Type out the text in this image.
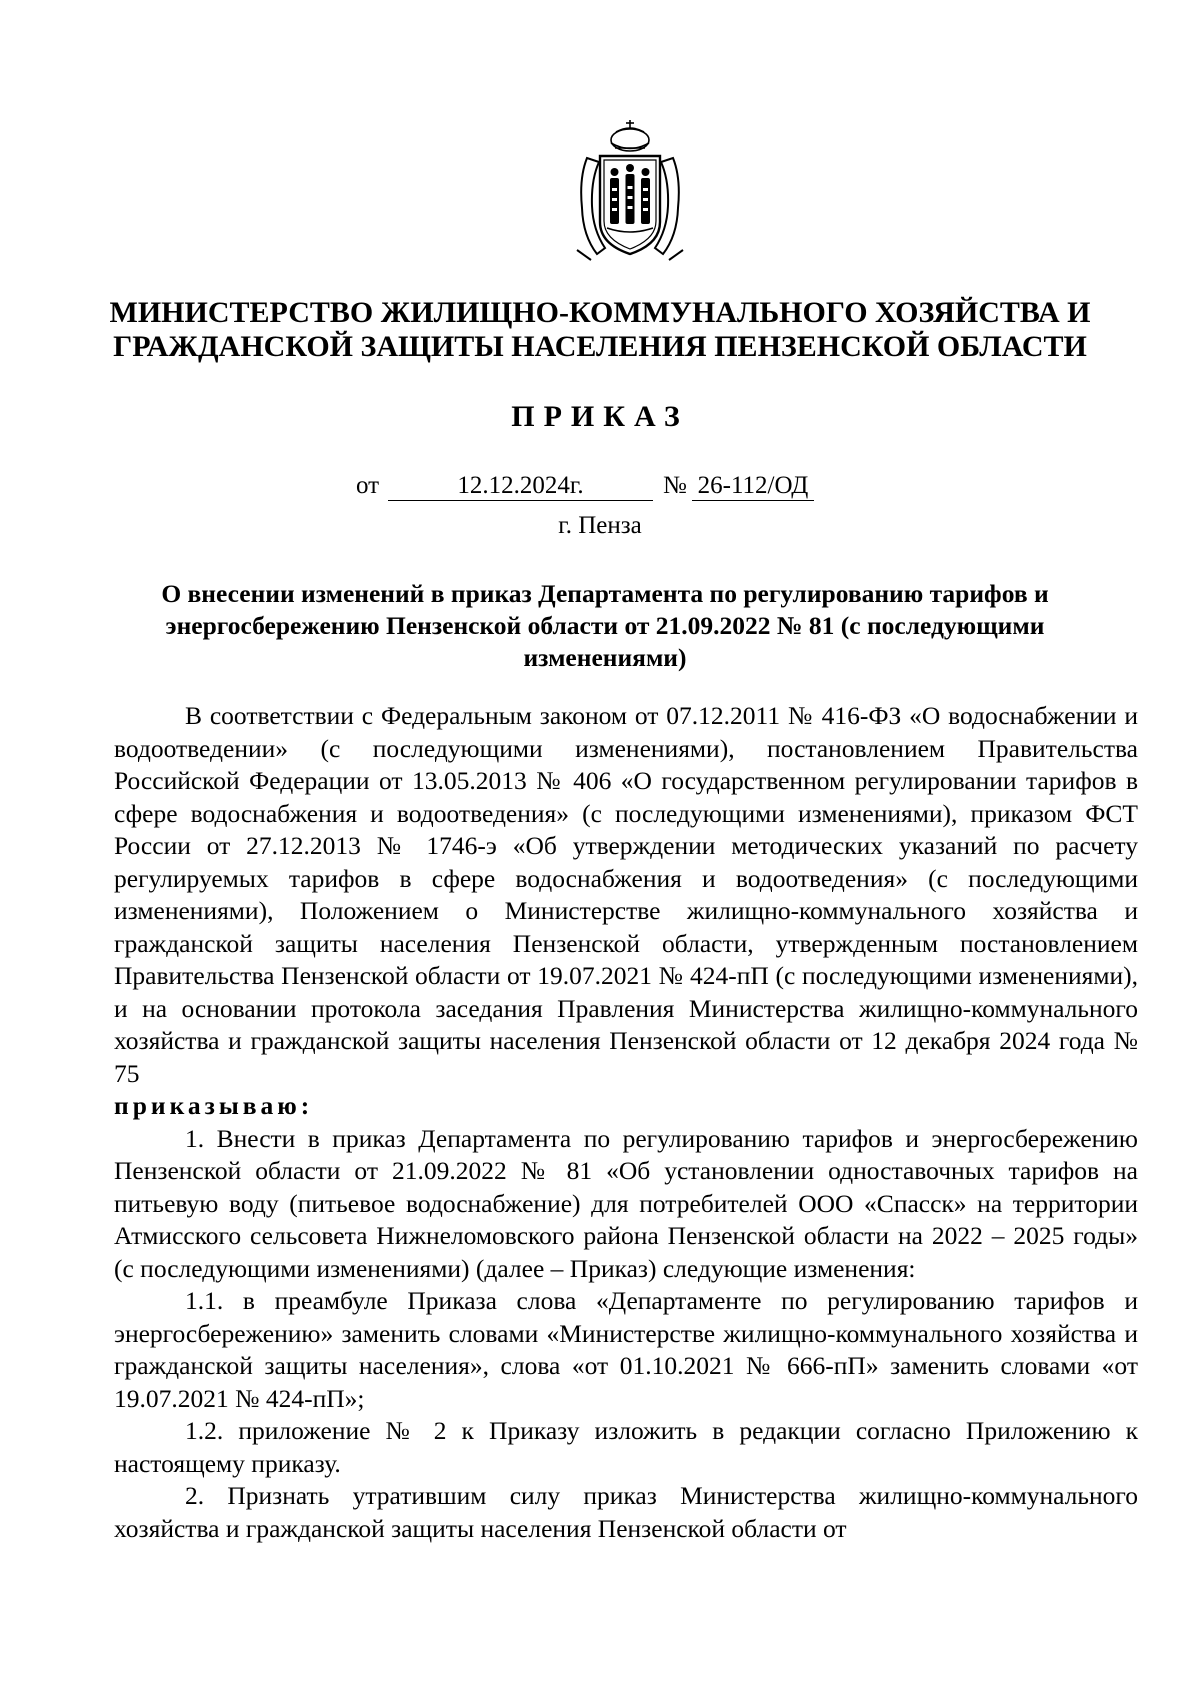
МИНИСТЕРСТВО ЖИЛИЩНО-КОММУНАЛЬНОГО ХОЗЯЙСТВА И
ГРАЖДАНСКОЙ ЗАЩИТЫ НАСЕЛЕНИЯ ПЕНЗЕНСКОЙ ОБЛАСТИ
ПРИКАЗ
от	12.12.2024г.	№ 26-112/ОД
г. Пенза
О внесении изменений в приказ Департамента по регулированию тарифов и
энергосбережению Пензенской области от 21.09.2022 № 81 (с последующими
изменениями)

В соответствии с Федеральным законом от 07.12.2011 № 416-ФЗ «О водоснабжении и водоотведении» (с последующими изменениями), постановлением Правительства Российской Федерации от 13.05.2013 № 406 «О государственном регулировании тарифов в сфере водоснабжения и водоотведения» (с последующими изменениями), приказом ФСТ России от 27.12.2013 № 1746-э «Об утверждении методических указаний по расчету регулируемых тарифов в сфере водоснабжения и водоотведения» (с последующими изменениями), Положением о Министерстве жилищно-коммунального хозяйства и гражданской защиты населения Пензенской области, утвержденным постановлением Правительства Пензенской области от 19.07.2021 № 424-пП (с последующими изменениями), и на основании протокола заседания Правления Министерства жилищно-коммунального хозяйства и гражданской защиты населения Пензенской области от 12 декабря 2024 года № 75

приказываю:

1. Внести в приказ Департамента по регулированию тарифов и энергосбережению Пензенской области от 21.09.2022 № 81 «Об установлении одноставочных тарифов на питьевую воду (питьевое водоснабжение) для потребителей ООО «Спасск» на территории Атмисского сельсовета Нижнеломовского района Пензенской области на 2022 – 2025 годы» (с последующими изменениями) (далее – Приказ) следующие изменения:

1.1. в преамбуле Приказа слова «Департаменте по регулированию тарифов и энергосбережению» заменить словами «Министерстве жилищно-коммунального хозяйства и гражданской защиты населения», слова «от 01.10.2021 № 666-пП» заменить словами «от 19.07.2021 № 424-пП»;

1.2. приложение № 2 к Приказу изложить в редакции согласно Приложению к настоящему приказу.

2. Признать утратившим силу приказ Министерства жилищно-коммунального хозяйства и гражданской защиты населения Пензенской области от
